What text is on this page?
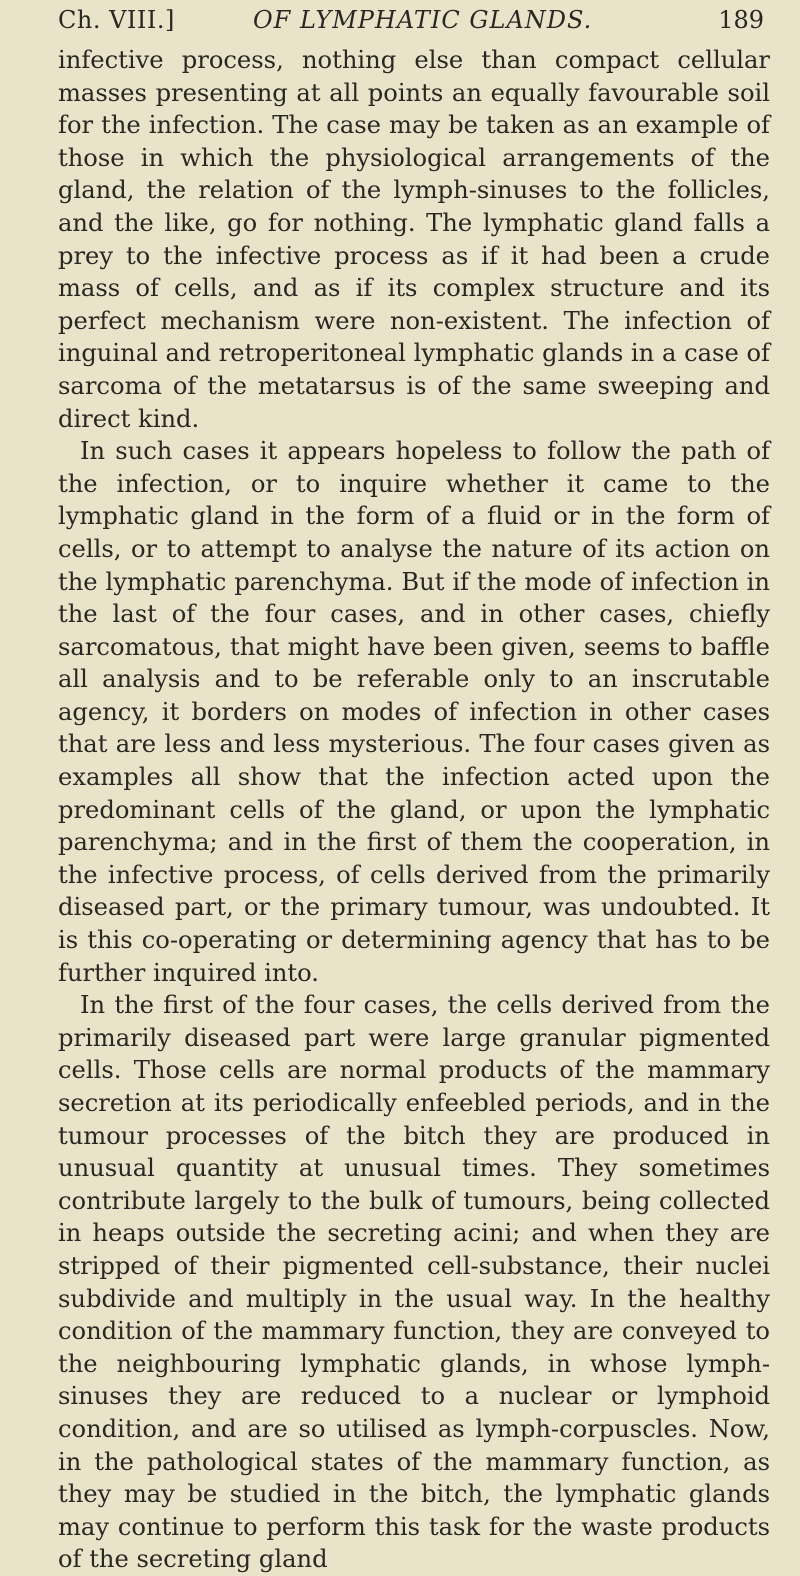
Ch. VIII.]	OF LYMPHATIC GLANDS.	189

infective process, nothing else than compact cellular masses presenting at all points an equally favourable soil for the infection. The case may be taken as an example of those in which the physiological arrangements of the gland, the relation of the lymph-sinuses to the follicles, and the like, go for nothing. The lymphatic gland falls a prey to the infective process as if it had been a crude mass of cells, and as if its complex structure and its perfect mechanism were non-existent. The infection of inguinal and retroperitoneal lymphatic glands in a case of sarcoma of the metatarsus is of the same sweeping and direct kind.

In such cases it appears hopeless to follow the path of the infection, or to inquire whether it came to the lymphatic gland in the form of a fluid or in the form of cells, or to attempt to analyse the nature of its action on the lymphatic parenchyma. But if the mode of infection in the last of the four cases, and in other cases, chiefly sarcomatous, that might have been given, seems to baffle all analysis and to be referable only to an inscrutable agency, it borders on modes of infection in other cases that are less and less mysterious. The four cases given as examples all show that the infection acted upon the predominant cells of the gland, or upon the lymphatic parenchyma; and in the first of them the cooperation, in the infective process, of cells derived from the primarily diseased part, or the primary tumour, was undoubted. It is this co-operating or determining agency that has to be further inquired into.

In the first of the four cases, the cells derived from the primarily diseased part were large granular pigmented cells. Those cells are normal products of the mammary secretion at its periodically enfeebled periods, and in the tumour processes of the bitch they are produced in unusual quantity at unusual times. They sometimes contribute largely to the bulk of tumours, being collected in heaps outside the secreting acini; and when they are stripped of their pigmented cell-substance, their nuclei subdivide and multiply in the usual way. In the healthy condition of the mammary function, they are conveyed to the neighbouring lymphatic glands, in whose lymph-sinuses they are reduced to a nuclear or lymphoid condition, and are so utilised as lymph-corpuscles. Now, in the pathological states of the mammary function, as they may be studied in the bitch, the lymphatic glands may continue to perform this task for the waste products of the secreting gland
